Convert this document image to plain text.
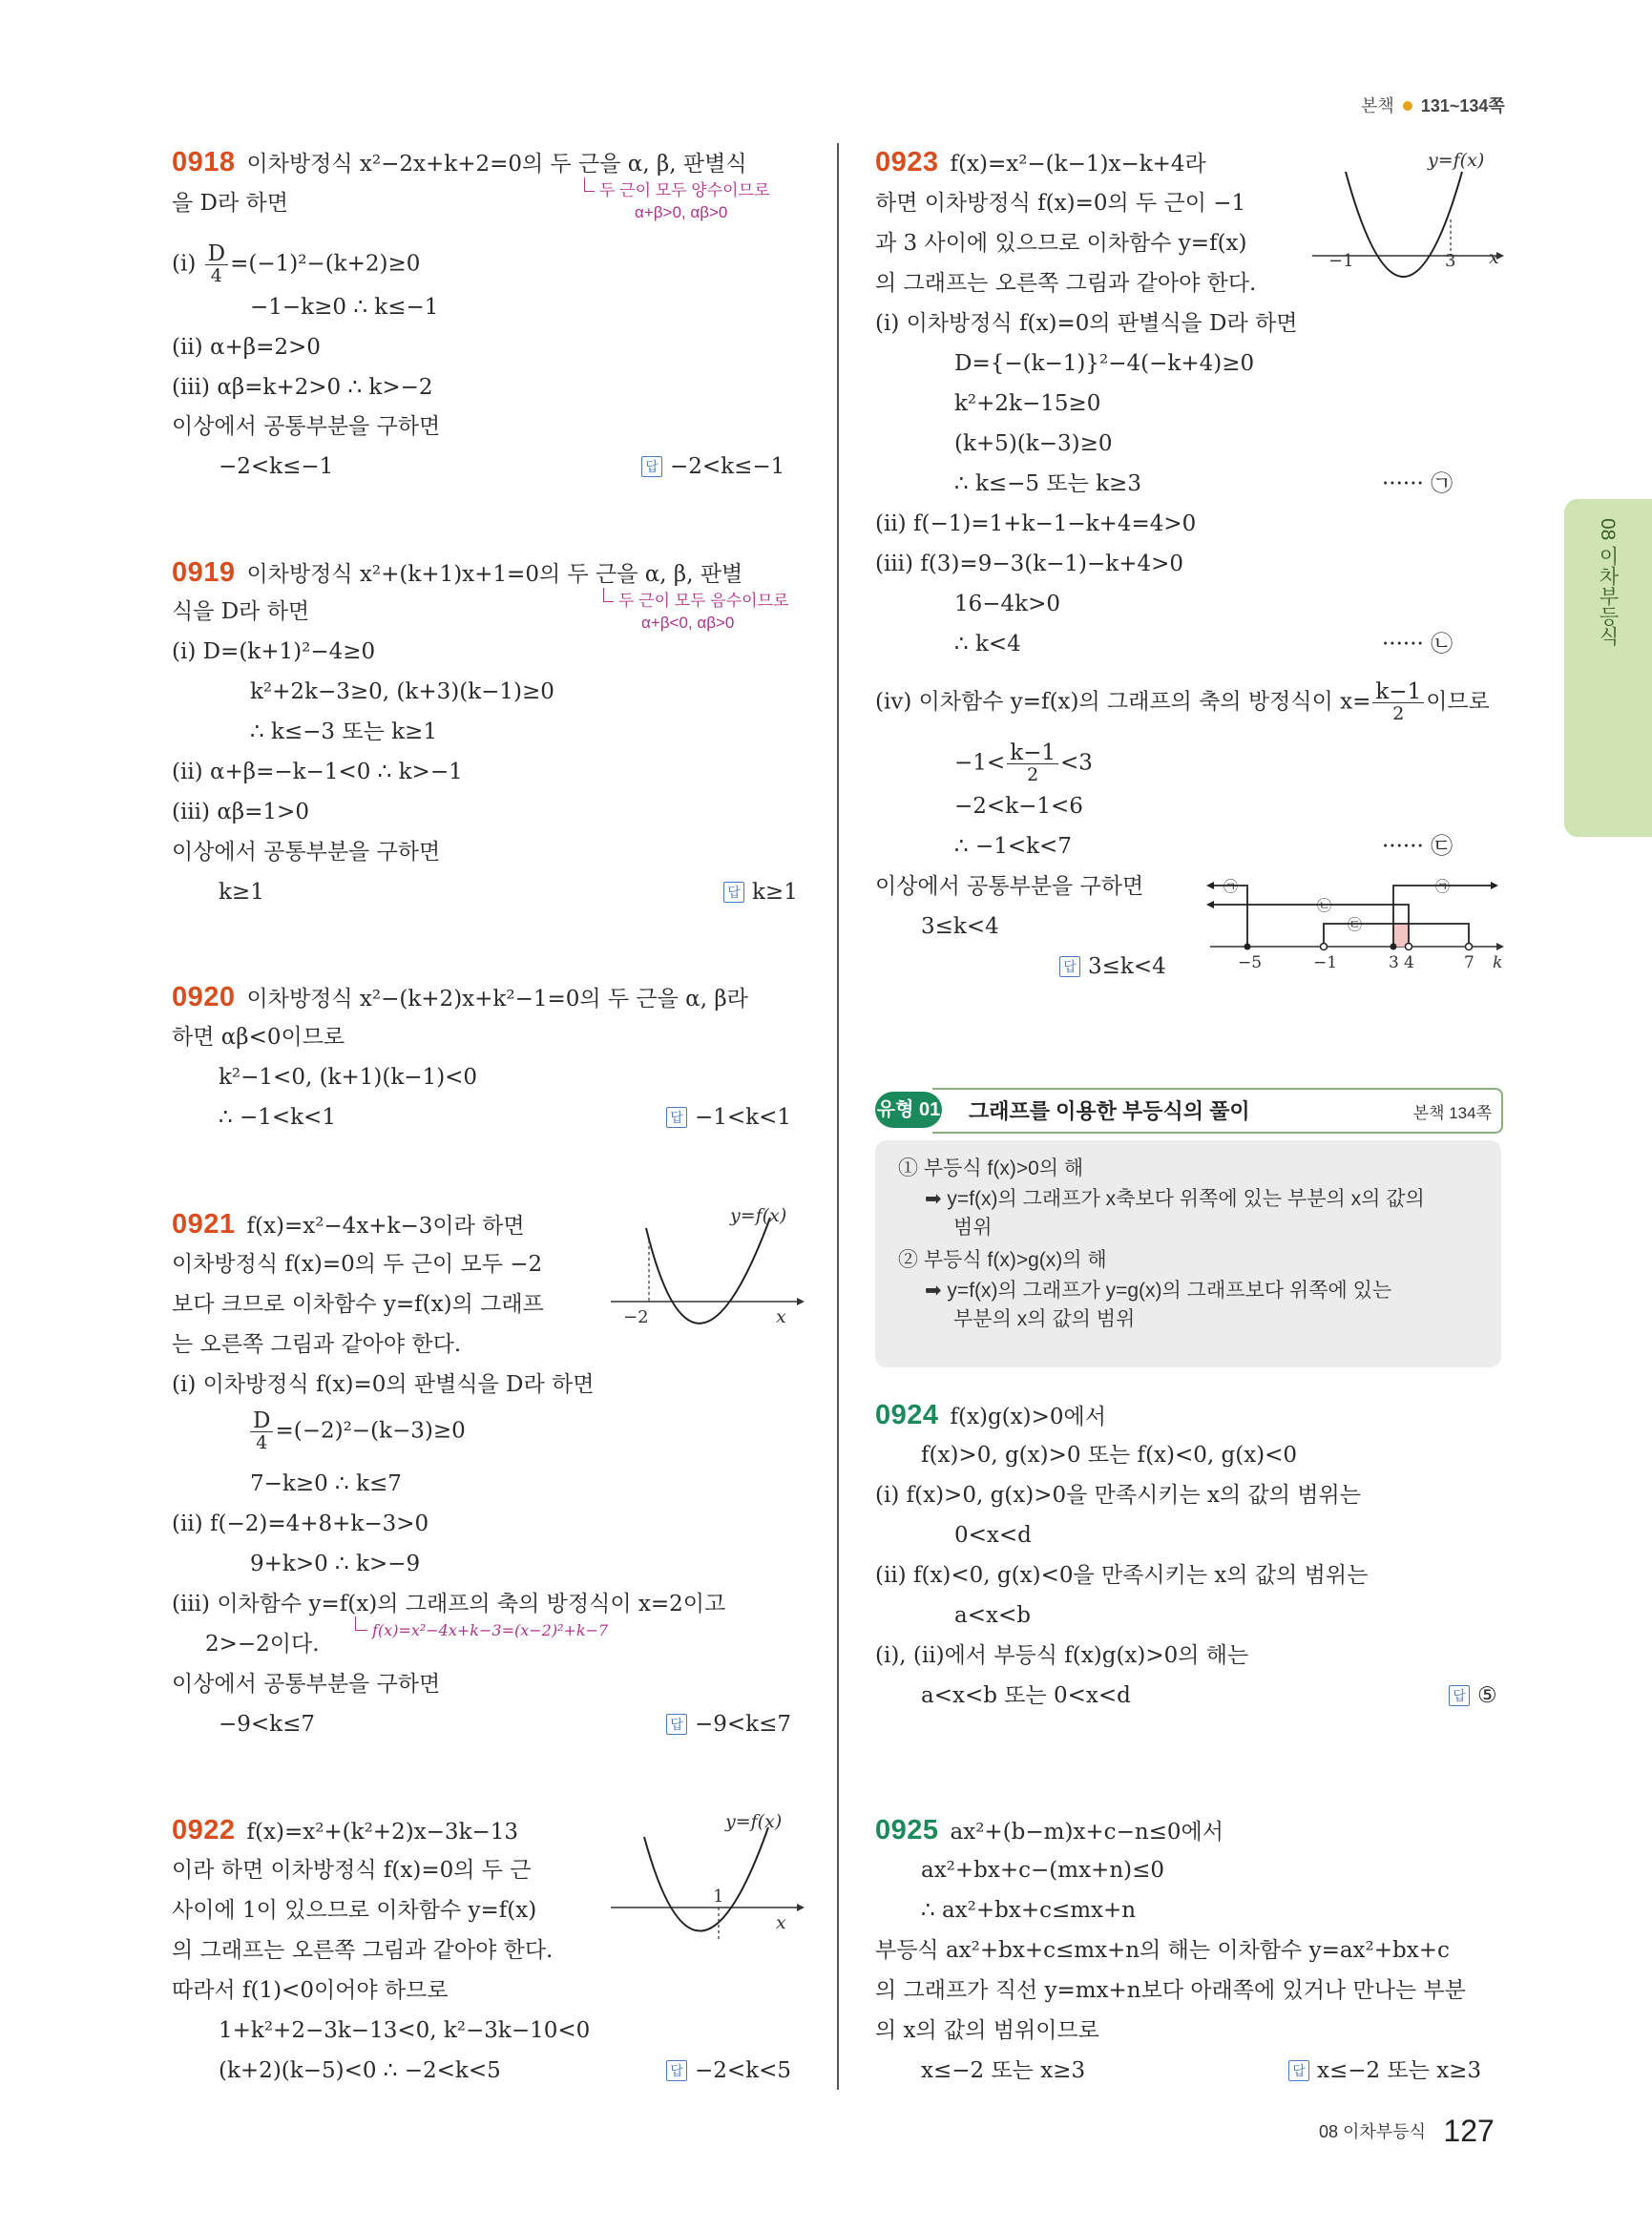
본책 131~134쪽
08 이차부등식
0918 이차방정식 x²−2x+k+2=0의 두 근을 α, β, 판별식
을 D라 하면
두 근이 모두 양수이므로
α+β>0, αβ>0
(i) D
4 =(−1)²−(k+2)≥0
−1−k≥0 ∴ k≤−1
(ii) α+β=2>0
(iii) αβ=k+2>0 ∴ k>−2
이상에서 공통부분을 구하면
−2<k≤−1	답 −2<k≤−1
0919 이차방정식 x²+(k+1)x+1=0의 두 근을 α, β, 판별
식을 D라 하면	두 근이 모두 음수이므로
α+β<0, αβ>0
(i) D=(k+1)²−4≥0
k²+2k−3≥0, (k+3)(k−1)≥0
∴ k≤−3 또는 k≥1
(ii) α+β=−k−1<0 ∴ k>−1
(iii) αβ=1>0
이상에서 공통부분을 구하면
k≥1	답 k≥1
0920 이차방정식 x²−(k+2)x+k²−1=0의 두 근을 α, β라
하면 αβ<0이므로
k²−1<0, (k+1)(k−1)<0
∴ −1<k<1	답 −1<k<1
0921 f(x)=x²−4x+k−3이라 하면
이차방정식 f(x)=0의 두 근이 모두 −2
보다 크므로 이차함수 y=f(x)의 그래프
는 오른쪽 그림과 같아야 한다.
y=f(x)
x
−2
(i) 이차방정식 f(x)=0의 판별식을 D라 하면
D
4 =(−2)²−(k−3)≥0
7−k≥0 ∴ k≤7
(ii) f(−2)=4+8+k−3>0
9+k>0 ∴ k>−9
(iii) 이차함수 y=f(x)의 그래프의 축의 방정식이 x=2이고
f(x)=x²−4x+k−3=(x−2)²+k−7
2>−2이다.
이상에서 공통부분을 구하면
−9<k≤7	답 −9<k≤7
0922 f(x)=x²+(k²+2)x−3k−13
이라 하면 이차방정식 f(x)=0의 두 근
사이에 1이 있으므로 이차함수 y=f(x)
의 그래프는 오른쪽 그림과 같아야 한다.
y=f(x)
x
1
따라서 f(1)<0이어야 하므로
1+k²+2−3k−13<0, k²−3k−10<0
(k+2)(k−5)<0 ∴ −2<k<5	답 −2<k<5
0923 f(x)=x²−(k−1)x−k+4라
하면 이차방정식 f(x)=0의 두 근이 −1
과 3 사이에 있으므로 이차함수 y=f(x)
의 그래프는 오른쪽 그림과 같아야 한다.
y=f(x)
x
−1	3
(i) 이차방정식 f(x)=0의 판별식을 D라 하면
D={−(k−1)}²−4(−k+4)≥0
k²+2k−15≥0
(k+5)(k−3)≥0
∴ k≤−5 또는 k≥3	······ ㉠
(ii) f(−1)=1+k−1−k+4=4>0
(iii) f(3)=9−3(k−1)−k+4>0
16−4k>0
∴ k<4	······ ㉡
(iv) 이차함수 y=f(x)의 그래프의 축의 방정식이 x= k−1
2 이므로
−1< k−1
2 <3
−2<k−1<6
∴ −1<k<7	······ ㉢
이상에서 공통부분을 구하면
3≤k<4
답 3≤k<4
㉠
㉡
㉢
㉠
−5	−1	3 4	7 k
유형 01 그래프를 이용한 부등식의 풀이	본책 134쪽
① 부등식 f(x)>0의 해
➡ y=f(x)의 그래프가 x축보다 위쪽에 있는 부분의 x의 값의
범위
② 부등식 f(x)>g(x)의 해
➡ y=f(x)의 그래프가 y=g(x)의 그래프보다 위쪽에 있는
부분의 x의 값의 범위
0924 f(x)g(x)>0에서
f(x)>0, g(x)>0 또는 f(x)<0, g(x)<0
(i) f(x)>0, g(x)>0을 만족시키는 x의 값의 범위는
0<x<d
(ii) f(x)<0, g(x)<0을 만족시키는 x의 값의 범위는
a<x<b
(i), (ii)에서 부등식 f(x)g(x)>0의 해는
a<x<b 또는 0<x<d	답 ⑤
0925 ax²+(b−m)x+c−n≤0에서
ax²+bx+c−(mx+n)≤0
∴ ax²+bx+c≤mx+n
부등식 ax²+bx+c≤mx+n의 해는 이차함수 y=ax²+bx+c
의 그래프가 직선 y=mx+n보다 아래쪽에 있거나 만나는 부분
의 x의 값의 범위이므로
x≤−2 또는 x≥3	답 x≤−2 또는 x≥3
08 이차부등식 127
